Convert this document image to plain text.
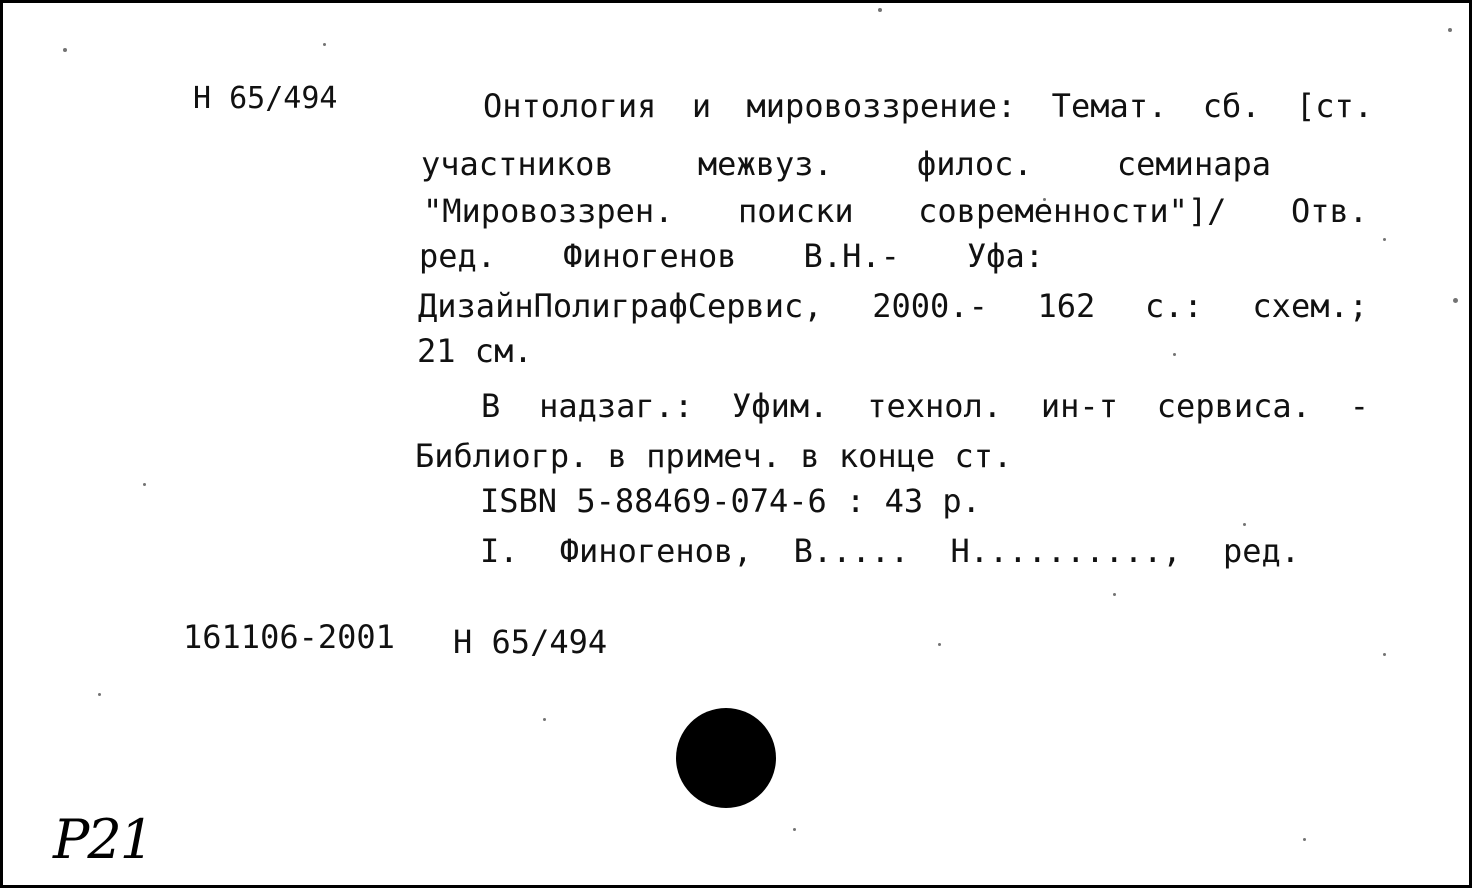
Н 65/494	Онтология и мировоззрение: Темат. сб. [ст.
участников межвуз. филос. семинара
"Мировоззрен. поиски современности"]/ Отв.
ред. Финогенов В.Н.- Уфа:
ДизайнПолиграфСервис, 2000.- 162 с.: схем.;
21 см.
В надзаг.: Уфим. технол. ин-т сервиса. -
Библиогр. в примеч. в конце ст.
ISBN 5-88469-074-6 : 43 р.
I. Финогенов, В..... Н.........., ред.
161106-2001 Н 65/494
Р21
